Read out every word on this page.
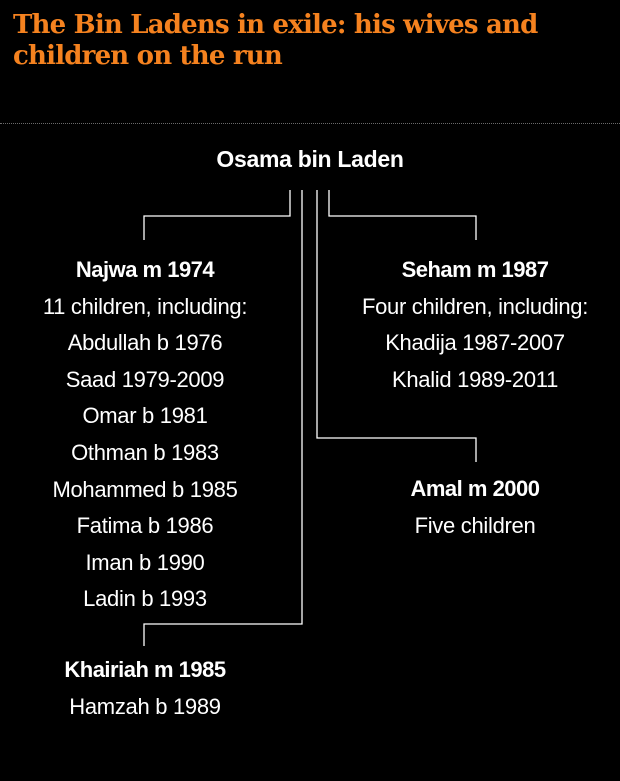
The Bin Ladens in exile: his wives and children on the run
Osama bin Laden
Najwa m 1974
11 children, including:
Abdullah b 1976
Saad 1979-2009
Omar b 1981
Othman b 1983
Mohammed b 1985
Fatima b 1986
Iman b 1990
Ladin b 1993
Seham m 1987
Four children, including:
Khadija 1987-2007
Khalid 1989-2011
Amal m 2000
Five children
Khairiah m 1985
Hamzah b 1989
